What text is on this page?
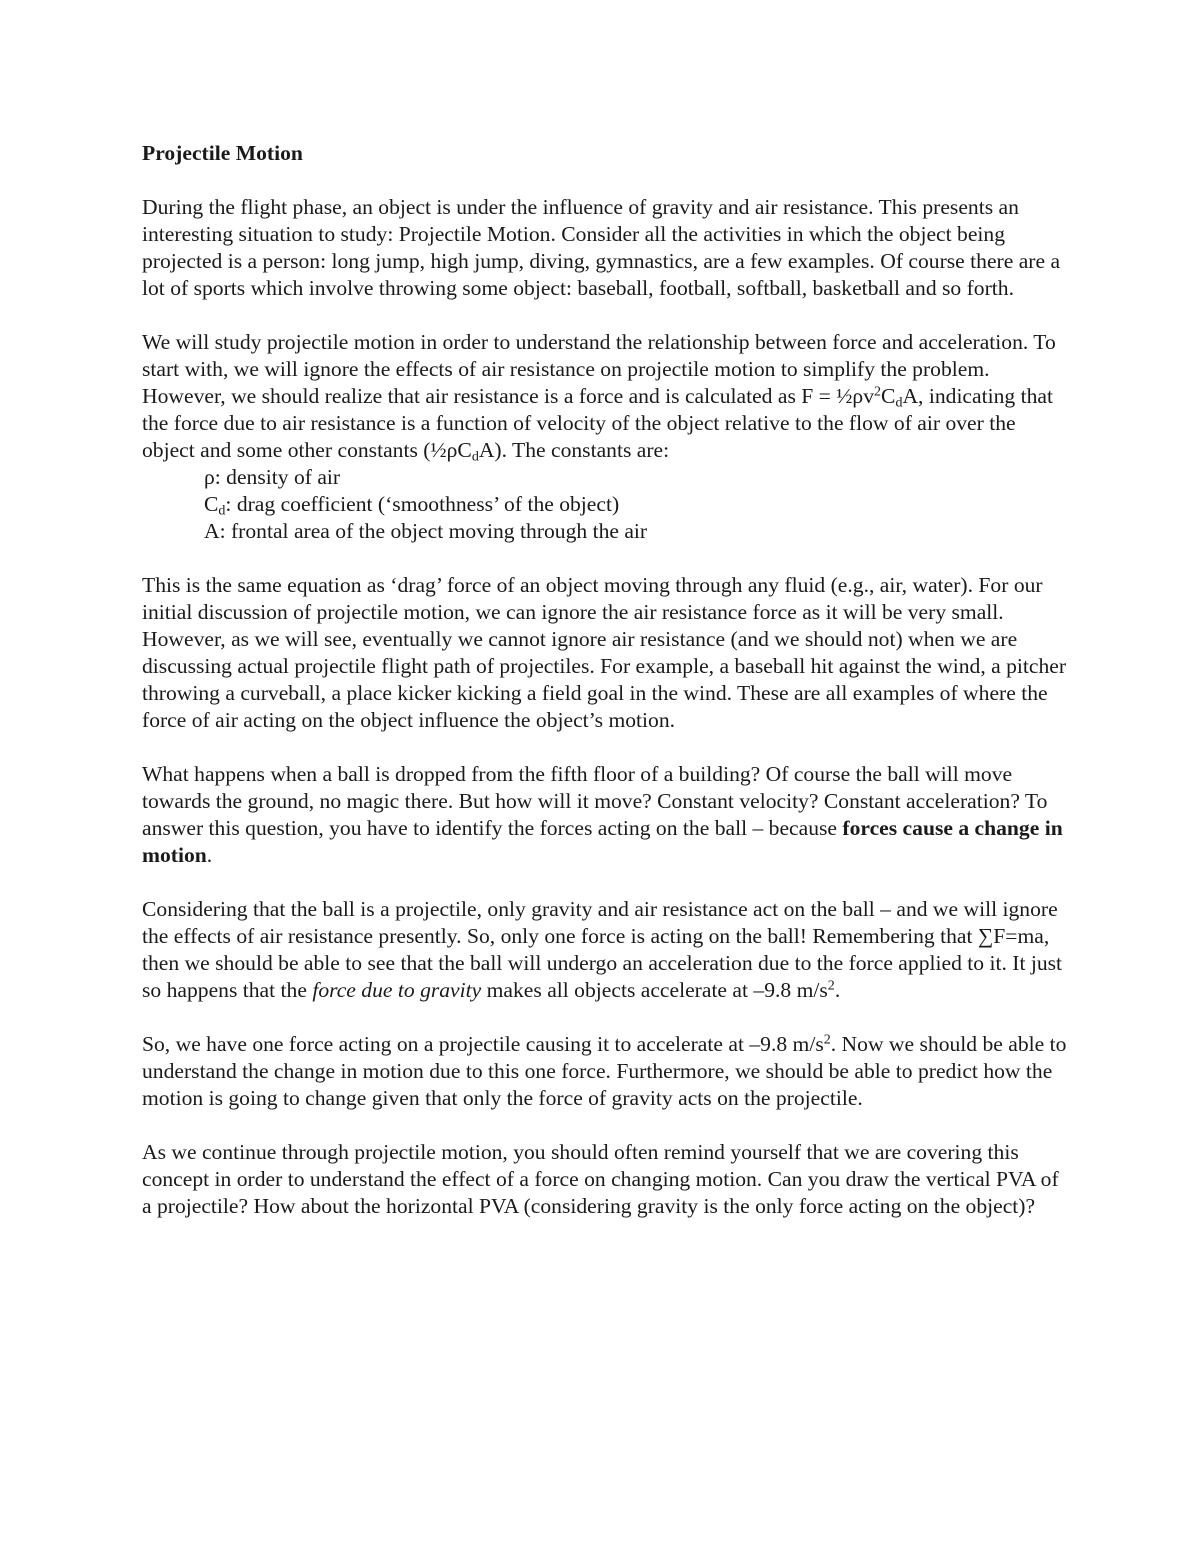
Projectile Motion

During the flight phase, an object is under the influence of gravity and air resistance. This presents an interesting situation to study: Projectile Motion. Consider all the activities in which the object being projected is a person: long jump, high jump, diving, gymnastics, are a few examples. Of course there are a lot of sports which involve throwing some object: baseball, football, softball, basketball and so forth.

We will study projectile motion in order to understand the relationship between force and acceleration. To start with, we will ignore the effects of air resistance on projectile motion to simplify the problem. However, we should realize that air resistance is a force and is calculated as $F = \frac{1}{2}\rho v^2C_dA$, indicating that the force due to air resistance is a function of velocity of the object relative to the flow of air over the object and some other constants $(\frac{1}{2}\rho C_dA)$. The constants are:

ρ: density of air
$C_d$: drag coefficient (‘smoothness’ of the object)
A: frontal area of the object moving through the air

This is the same equation as ‘drag’ force of an object moving through any fluid (e.g., air, water). For our initial discussion of projectile motion, we can ignore the air resistance force as it will be very small. However, as we will see, eventually we cannot ignore air resistance (and we should not) when we are discussing actual projectile flight path of projectiles. For example, a baseball hit against the wind, a pitcher throwing a curveball, a place kicker kicking a field goal in the wind. These are all examples of where the force of air acting on the object influence the object’s motion.

What happens when a ball is dropped from the fifth floor of a building? Of course the ball will move towards the ground, no magic there. But how will it move? Constant velocity? Constant acceleration? To answer this question, you have to identify the forces acting on the ball – because forces cause a change in motion.

Considering that the ball is a projectile, only gravity and air resistance act on the ball – and we will ignore the effects of air resistance presently. So, only one force is acting on the ball! Remembering that ∑F=ma, then we should be able to see that the ball will undergo an acceleration due to the force applied to it. It just so happens that the force due to gravity makes all objects accelerate at –9.8 $m/s^2$.

So, we have one force acting on a projectile causing it to accelerate at –9.8 $m/s^2$. Now we should be able to understand the change in motion due to this one force. Furthermore, we should be able to predict how the motion is going to change given that only the force of gravity acts on the projectile.

As we continue through projectile motion, you should often remind yourself that we are covering this concept in order to understand the effect of a force on changing motion. Can you draw the vertical PVA of a projectile? How about the horizontal PVA (considering gravity is the only force acting on the object)?
